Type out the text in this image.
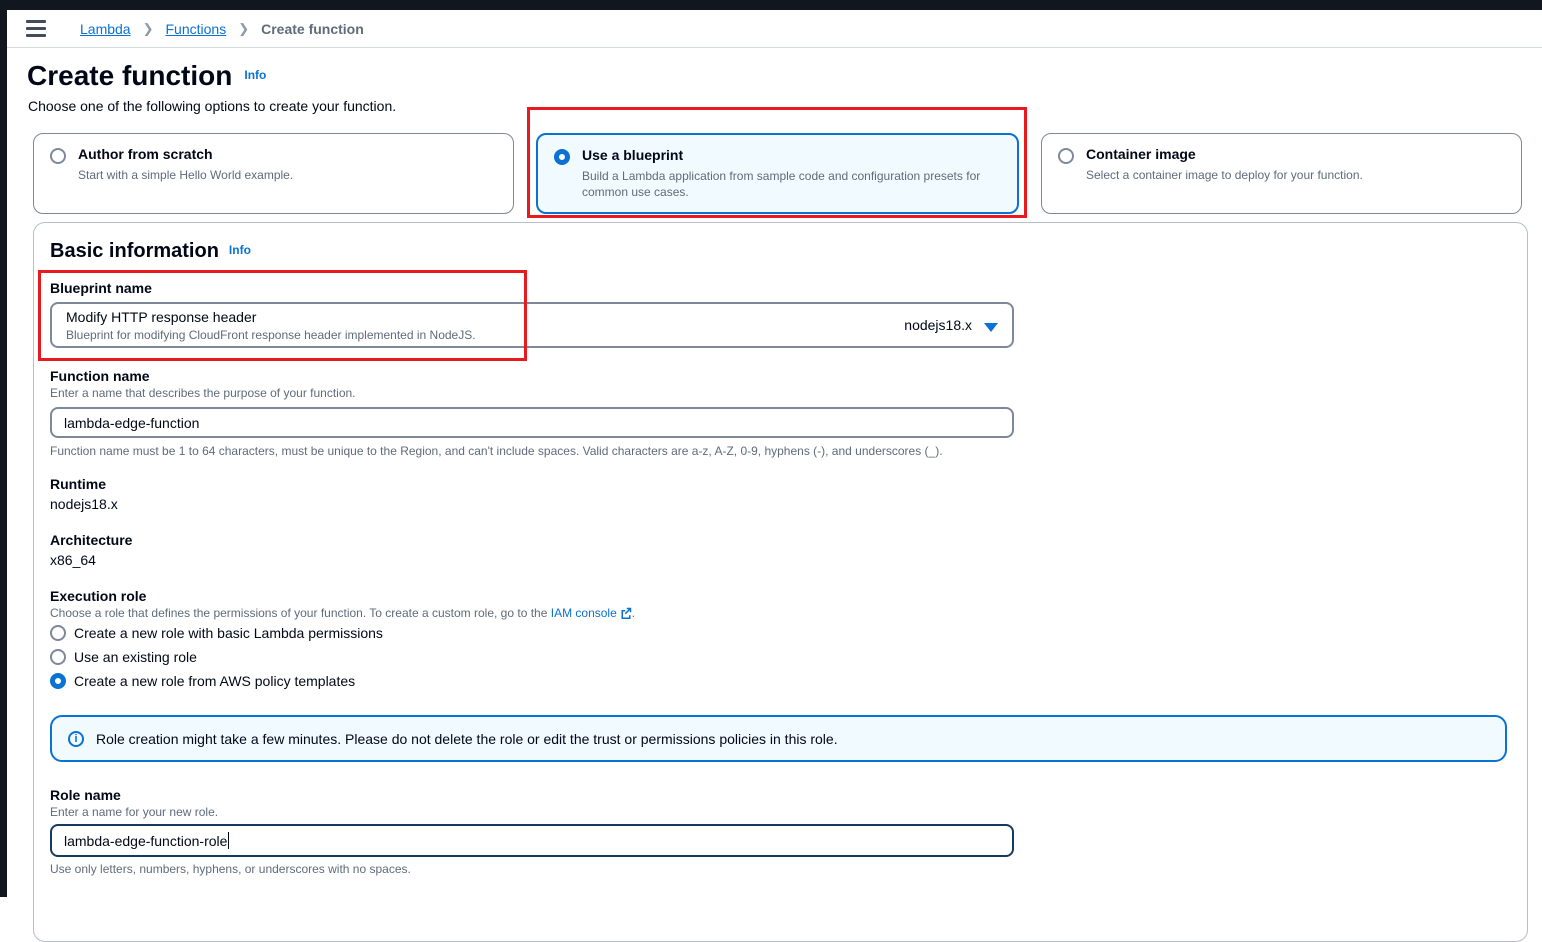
Lambda ❯ Functions ❯ Create function
Create function $^{Info}$
Choose one of the following options to create your function.
Author from scratch
Start with a simple Hello World example.
Use a blueprint
Build a Lambda application from sample code and configuration presets for common use cases.
Container image
Select a container image to deploy for your function.
Basic information Info
Blueprint name
Modify HTTP response header
Blueprint for modifying CloudFront response header implemented in NodeJS.
nodejs18.x
Function name
Enter a name that describes the purpose of your function.
lambda-edge-function
Function name must be 1 to 64 characters, must be unique to the Region, and can't include spaces. Valid characters are a-z, A-Z, 0-9, hyphens (-), and underscores (_).
Runtime
nodejs18.x
Architecture
x86_64
Execution role
Choose a role that defines the permissions of your function. To create a custom role, go to the IAM console .
Create a new role with basic Lambda permissions
Use an existing role
Create a new role from AWS policy templates
i	Role creation might take a few minutes. Please do not delete the role or edit the trust or permissions policies in this role.
Role name
Enter a name for your new role.
lambda-edge-function-role
Use only letters, numbers, hyphens, or underscores with no spaces.
